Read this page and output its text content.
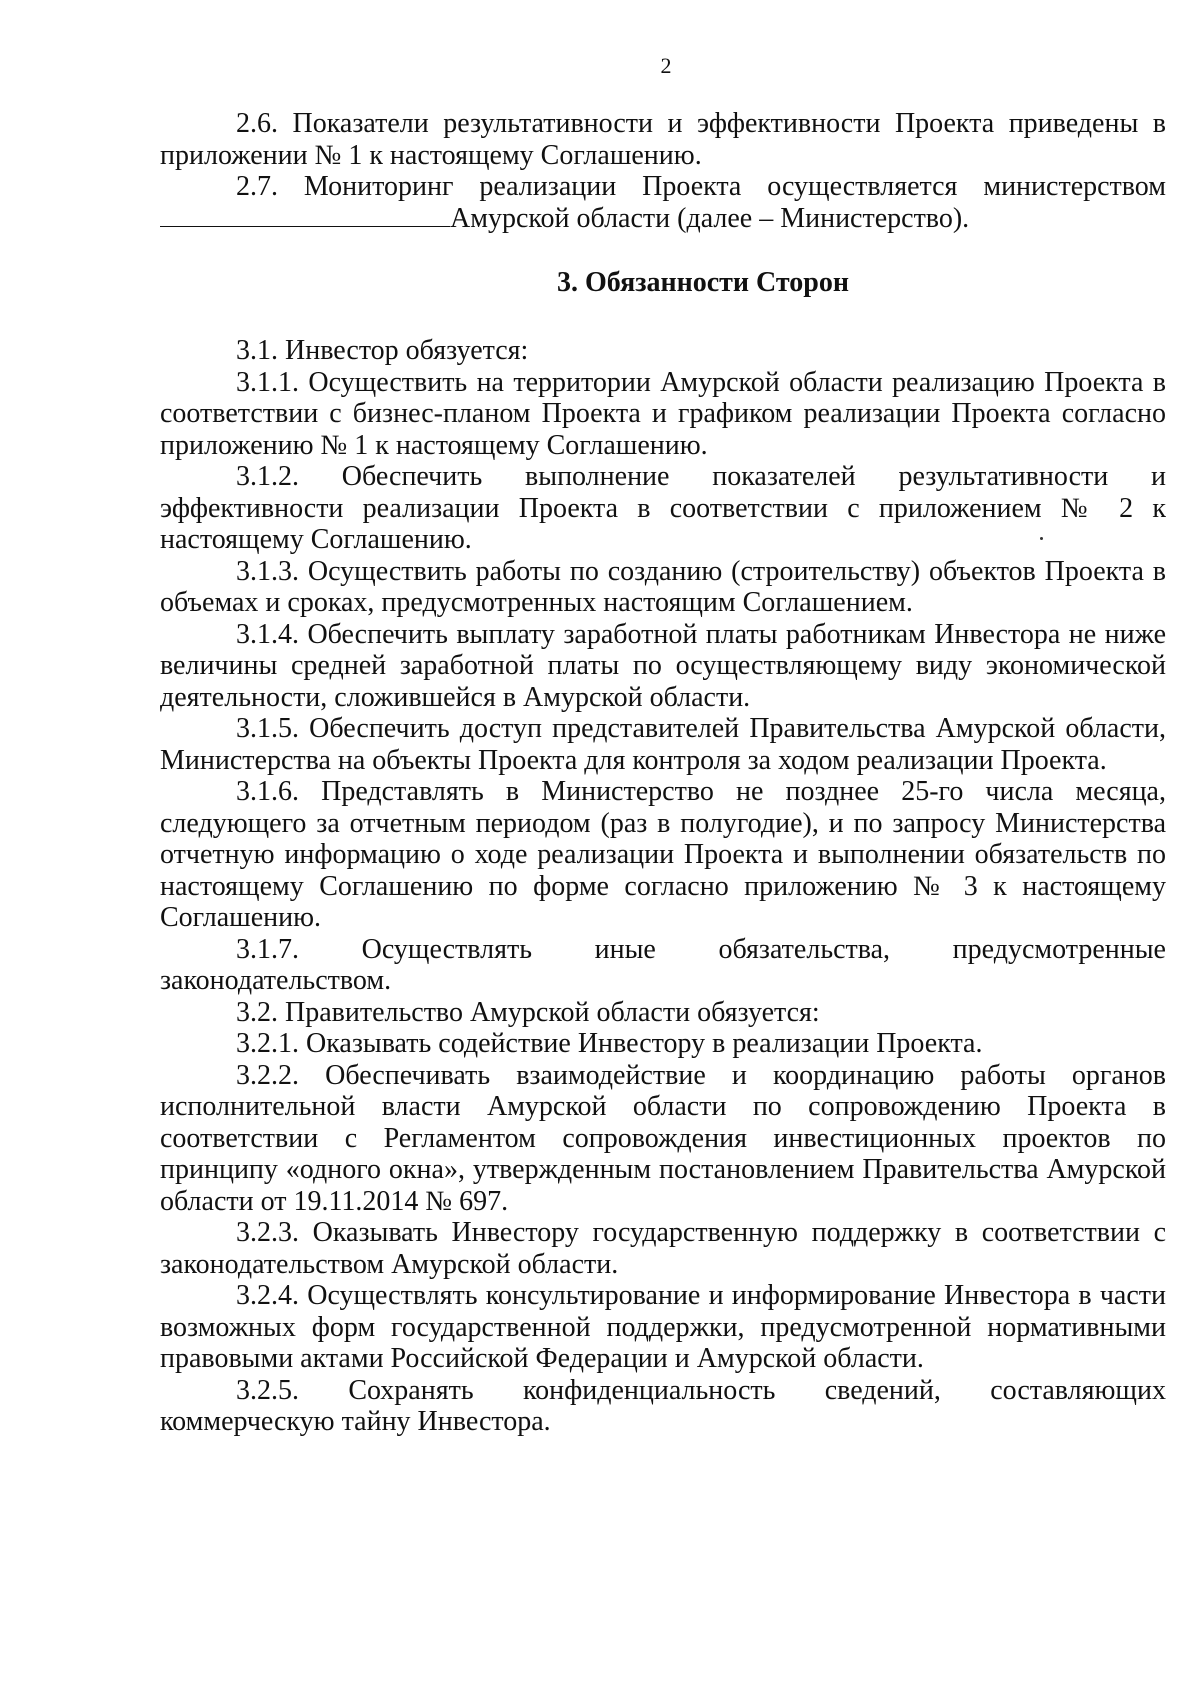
2

2.6. Показатели результативности и эффективности Проекта приведены в приложении № 1 к настоящему Соглашению.

2.7. Мониторинг реализации Проекта осуществляется министерством

Амурской области (далее – Министерство).

3. Обязанности Сторон

3.1. Инвестор обязуется:

3.1.1. Осуществить на территории Амурской области реализацию Проекта в соответствии с бизнес-планом Проекта и графиком реализации Проекта согласно приложению № 1 к настоящему Соглашению.

3.1.2. Обеспечить выполнение показателей результативности и эффективности реализации Проекта в соответствии с приложением № 2 к настоящему Соглашению.

3.1.3. Осуществить работы по созданию (строительству) объектов Проекта в объемах и сроках, предусмотренных настоящим Соглашением.

3.1.4. Обеспечить выплату заработной платы работникам Инвестора не ниже величины средней заработной платы по осуществляющему виду экономической деятельности, сложившейся в Амурской области.

3.1.5. Обеспечить доступ представителей Правительства Амурской области, Министерства на объекты Проекта для контроля за ходом реализации Проекта.

3.1.6. Представлять в Министерство не позднее 25-го числа месяца, следующего за отчетным периодом (раз в полугодие), и по запросу Министерства отчетную информацию о ходе реализации Проекта и выполнении обязательств по настоящему Соглашению по форме согласно приложению № 3 к настоящему Соглашению.

3.1.7. Осуществлять иные обязательства, предусмотренные

законодательством.

3.2. Правительство Амурской области обязуется:

3.2.1. Оказывать содействие Инвестору в реализации Проекта.

3.2.2. Обеспечивать взаимодействие и координацию работы органов исполнительной власти Амурской области по сопровождению Проекта в соответствии с Регламентом сопровождения инвестиционных проектов по принципу «одного окна», утвержденным постановлением Правительства Амурской области от 19.11.2014 № 697.

3.2.3. Оказывать Инвестору государственную поддержку в соответствии с законодательством Амурской области.

3.2.4. Осуществлять консультирование и информирование Инвестора в части возможных форм государственной поддержки, предусмотренной нормативными правовыми актами Российской Федерации и Амурской области.

3.2.5. Сохранять конфиденциальность сведений, составляющих

коммерческую тайну Инвестора.
